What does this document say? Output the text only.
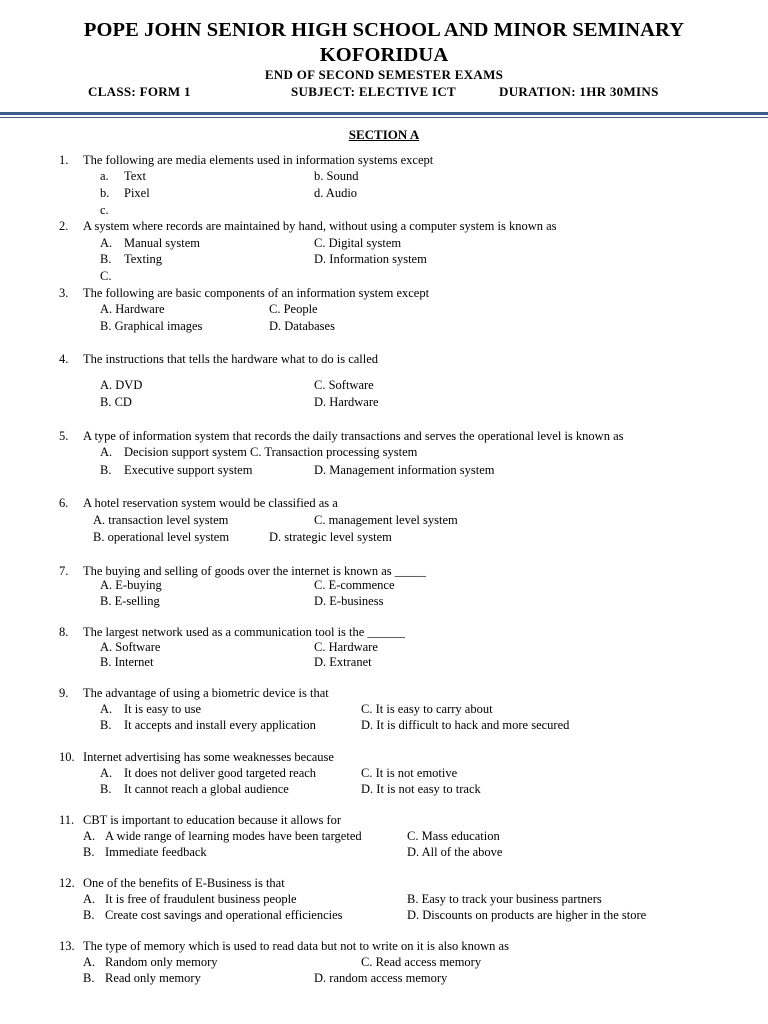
POPE JOHN SENIOR HIGH SCHOOL AND MINOR SEMINARY
KOFORIDUA
END OF SECOND SEMESTER EXAMS
CLASS: FORM 1	SUBJECT: ELECTIVE ICT	DURATION: 1HR 30MINS
SECTION A
1. The following are media elements used in information systems except
a. Text	b. Sound
b. Pixel	d. Audio
c.
2. A system where records are maintained by hand, without using a computer system is known as
A. Manual system	C. Digital system
B. Texting	D. Information system
C.
3. The following are basic components of an information system except
A. Hardware	C. People
B. Graphical images	D. Databases
4. The instructions that tells the hardware what to do is called
A. DVD	C. Software
B. CD	D. Hardware
5. A type of information system that records the daily transactions and serves the operational level is known as
A. Decision support system C. Transaction processing system
B. Executive support system	D. Management information system
6. A hotel reservation system would be classified as a
A. transaction level system	C. management level system
B. operational level system	D. strategic level system
7. The buying and selling of goods over the internet is known as _____
A. E-buying	C. E-commence
B. E-selling	D. E-business
8. The largest network used as a communication tool is the ______
A. Software	C. Hardware
B. Internet	D. Extranet
9. The advantage of using a biometric device is that
A. It is easy to use	C. It is easy to carry about
B. It accepts and install every application	D. It is difficult to hack and more secured
10. Internet advertising has some weaknesses because
A. It does not deliver good targeted reach	C. It is not emotive
B. It cannot reach a global audience	D. It is not easy to track
11. CBT is important to education because it allows for
A. A wide range of learning modes have been targeted	C. Mass education
B. Immediate feedback	D. All of the above
12. One of the benefits of E-Business is that
A. It is free of fraudulent business people	B. Easy to track your business partners
B. Create cost savings and operational efficiencies	D. Discounts on products are higher in the store
13. The type of memory which is used to read data but not to write on it is also known as
A. Random only memory	C. Read access memory
B. Read only memory	D. random access memory
